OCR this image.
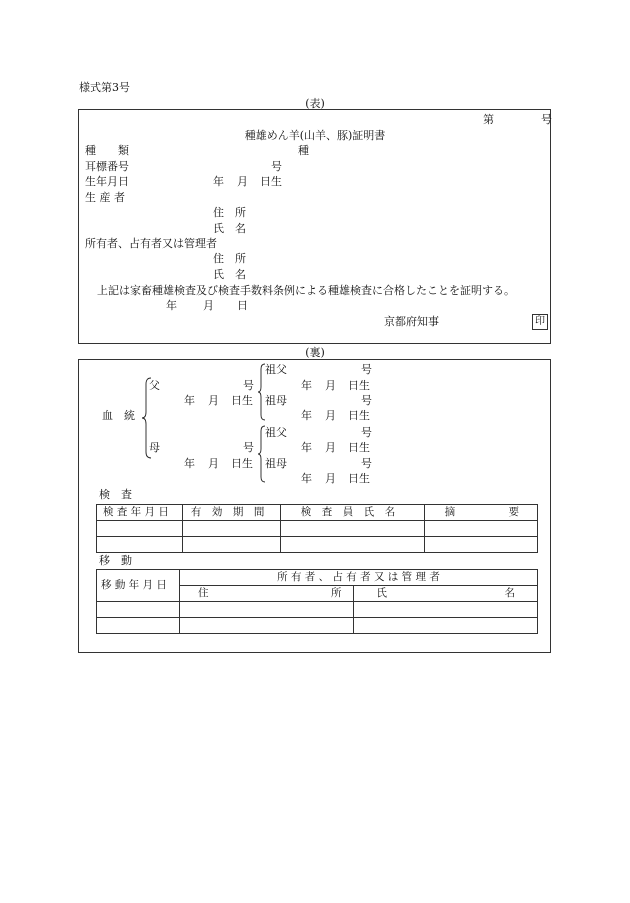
様式第3号
(表)
第	号
種雄めん羊(山羊、豚)証明書
種　　類	種
耳標番号	号
生年月日	年 月 日生
生 産 者
住　所
氏　名
所有者、占有者又は管理者
住　所
氏　名
上記は家畜種雄検査及び検査手数料条例による種雄検査に合格したことを証明する。
年 月 日
京都府知事	印
(裏)
血　統
父	号
年 月 日生
母	号
年 月 日生
祖父	号
年 月 日生
祖母	号
年 月 日生
祖父	号
年 月 日生
祖母	号
年 月 日生
検　査
検 査 年 月 日	有　効　期　間	検　査　員　氏　名	摘 要

移　動
移 動 年 月 日	所 有 者 、 占 有 者 又 は 管 理 者	

	住 所	氏 名
